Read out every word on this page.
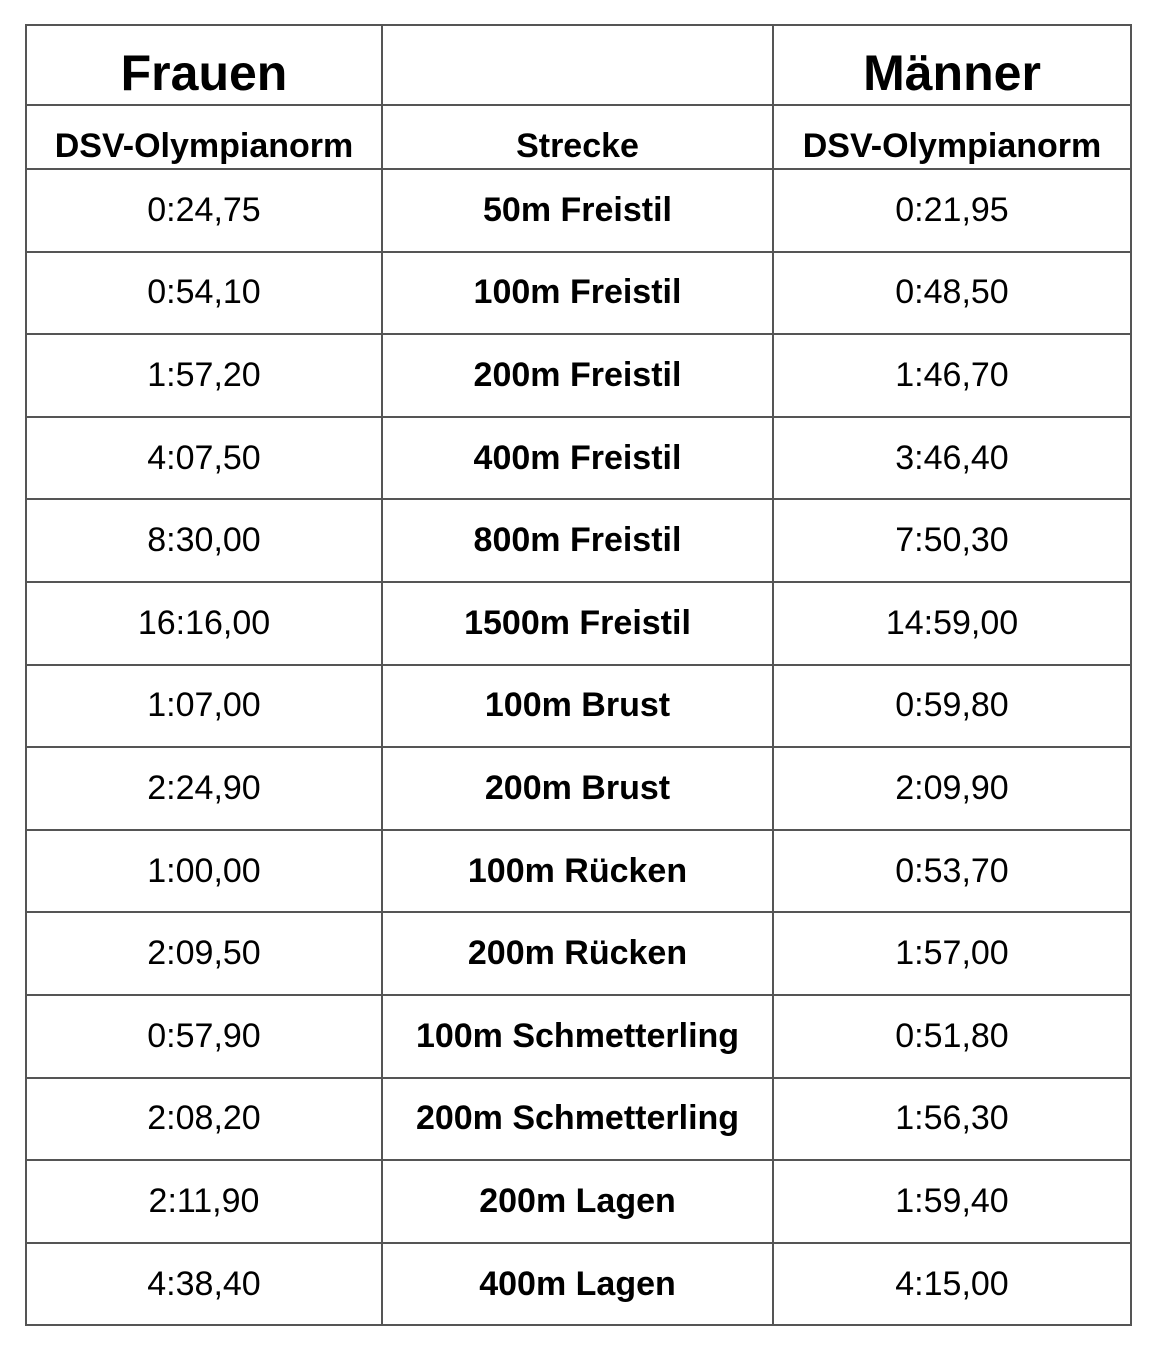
Frauen		Männer
DSV-Olympianorm	Strecke	DSV-Olympianorm
0:24,75	50m Freistil	0:21,95
0:54,10	100m Freistil	0:48,50
1:57,20	200m Freistil	1:46,70
4:07,50	400m Freistil	3:46,40
8:30,00	800m Freistil	7:50,30
16:16,00	1500m Freistil	14:59,00
1:07,00	100m Brust	0:59,80
2:24,90	200m Brust	2:09,90
1:00,00	100m Rücken	0:53,70
2:09,50	200m Rücken	1:57,00
0:57,90	100m Schmetterling	0:51,80
2:08,20	200m Schmetterling	1:56,30
2:11,90	200m Lagen	1:59,40
4:38,40	400m Lagen	4:15,00
